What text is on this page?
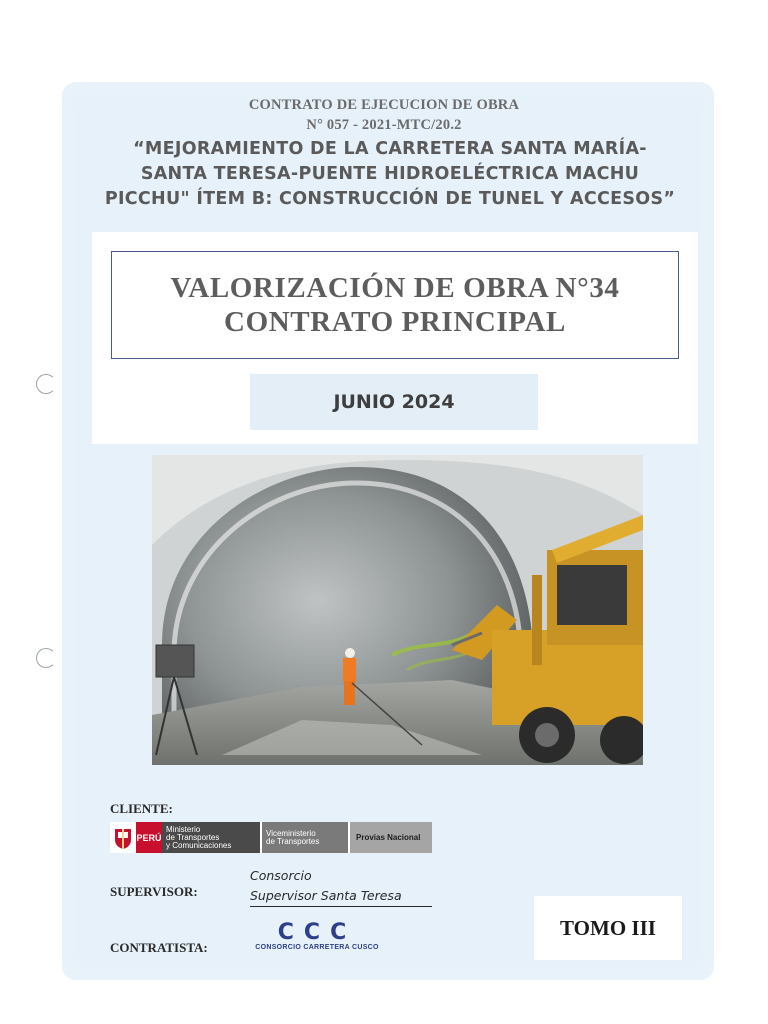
CONTRATO DE EJECUCION DE OBRA
N° 057 - 2021-MTC/20.2
“MEJORAMIENTO DE LA CARRETERA SANTA MARÍA-
SANTA TERESA-PUENTE HIDROELÉCTRICA MACHU
PICCHU" ÍTEM B: CONSTRUCCIÓN DE TUNEL Y ACCESOS”
VALORIZACIÓN DE OBRA N°34
CONTRATO PRINCIPAL
JUNIO 2024
CLIENTE:
PERÚ
Ministerio
de Transportes
y Comunicaciones
Viceministerio
de Transportes	Provias Nacional
SUPERVISOR:
Consorcio
Supervisor Santa Teresa
TOMO III
CONTRATISTA:
CCC
CONSORCIO CARRETERA CUSCO
